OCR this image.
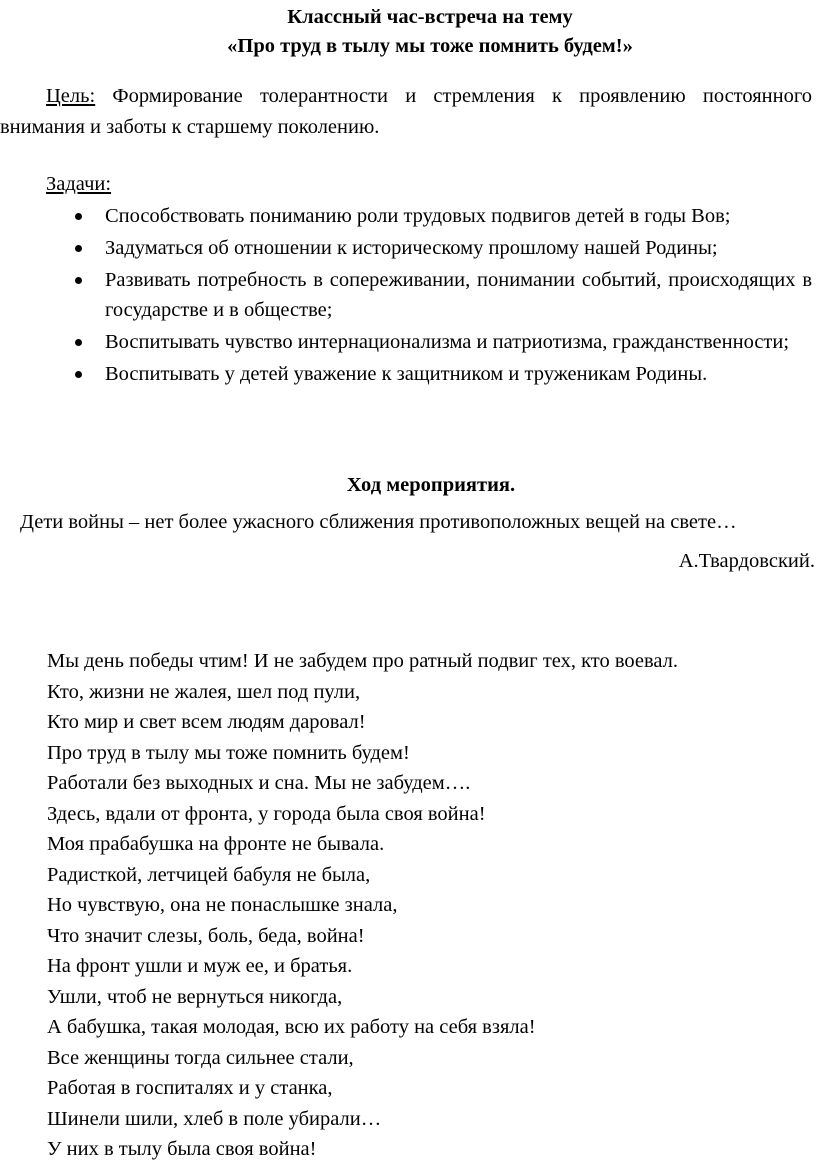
Классный час-встреча на тему
«Про труд в тылу мы тоже помнить будем!»
Цель: Формирование толерантности и стремления к проявлению постоянного
внимания и заботы к старшему поколению.
Задачи:
Способствовать пониманию роли трудовых подвигов детей в годы Вов;
Задуматься об отношении к историческому прошлому нашей Родины;
Развивать потребность в сопереживании, понимании событий, происходящих в государстве и в обществе;
Воспитывать чувство интернационализма и патриотизма, гражданственности;
Воспитывать у детей уважение к защитником и труженикам Родины.
Ход мероприятия.
Дети войны – нет более ужасного сближения противоположных вещей на свете…
А.Твардовский.
Мы день победы чтим! И не забудем про ратный подвиг тех, кто воевал.
Кто, жизни не жалея, шел под пули,
Кто мир и свет всем людям даровал!
Про труд в тылу мы тоже помнить будем!
Работали без выходных и сна. Мы не забудем….
Здесь, вдали от фронта, у города была своя война!
Моя прабабушка на фронте не бывала.
Радисткой, летчицей бабуля не была,
Но чувствую, она не понаслышке знала,
Что значит слезы, боль, беда, война!
На фронт ушли и муж ее, и братья.
Ушли, чтоб не вернуться никогда,
А бабушка, такая молодая, всю их работу на себя взяла!
Все женщины тогда сильнее стали,
Работая в госпиталях и у станка,
Шинели шили, хлеб в поле убирали…
У них в тылу была своя война!
